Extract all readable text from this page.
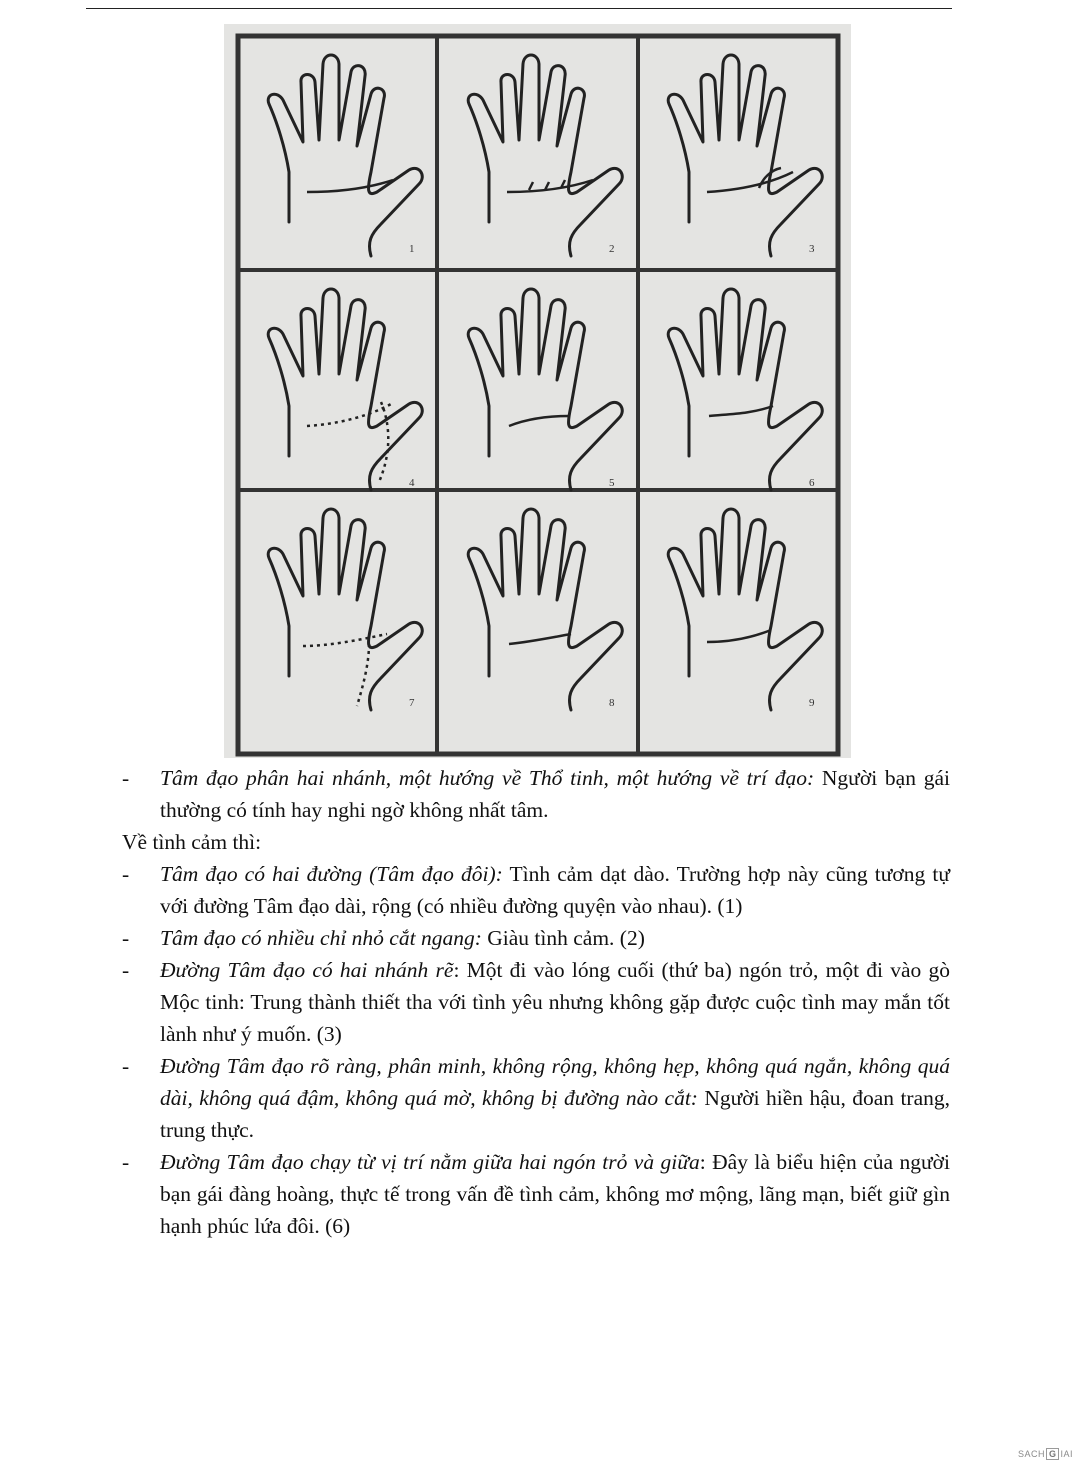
1	2	3
4	5	6
7	8	9
- Tâm đạo phân hai nhánh, một hướng về Thổ tinh, một hướng về trí đạo: Người bạn gái thường có tính hay nghi ngờ không nhất tâm.
Về tình cảm thì:
- Tâm đạo có hai đường (Tâm đạo đôi): Tình cảm dạt dào. Trường hợp này cũng tương tự với đường Tâm đạo dài, rộng (có nhiều đường quyện vào nhau). (1)
- Tâm đạo có nhiều chỉ nhỏ cắt ngang: Giàu tình cảm. (2)
- Đường Tâm đạo có hai nhánh rẽ: Một đi vào lóng cuối (thứ ba) ngón trỏ, một đi vào gò Mộc tinh: Trung thành thiết tha với tình yêu nhưng không gặp được cuộc tình may mắn tốt lành như ý muốn. (3)
- Đường Tâm đạo rõ ràng, phân minh, không rộng, không hẹp, không quá ngắn, không quá dài, không quá đậm, không quá mờ, không bị đường nào cắt: Người hiền hậu, đoan trang, trung thực.
- Đường Tâm đạo chạy từ vị trí nằm giữa hai ngón trỏ và giữa: Đây là biểu hiện của người bạn gái đàng hoàng, thực tế trong vấn đề tình cảm, không mơ mộng, lãng mạn, biết giữ gìn hạnh phúc lứa đôi. (6)
SACH G IAI
